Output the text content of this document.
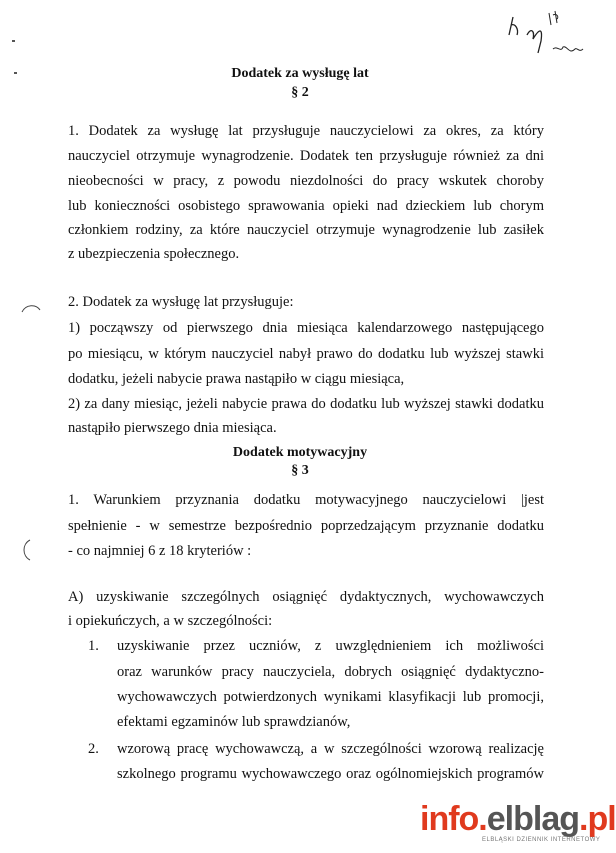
Dodatek za wysługę lat
§ 2
1. Dodatek za wysługę lat przysługuje nauczycielowi za okres, za który
nauczyciel otrzymuje wynagrodzenie. Dodatek ten przysługuje również za dni
nieobecności w pracy, z powodu niezdolności do pracy wskutek choroby
lub konieczności osobistego sprawowania opieki nad dzieckiem lub chorym
członkiem rodziny, za które nauczyciel otrzymuje wynagrodzenie lub zasiłek
z ubezpieczenia społecznego.
2. Dodatek za wysługę lat przysługuje:
1) począwszy od pierwszego dnia miesiąca kalendarzowego następującego
po miesiącu, w którym nauczyciel nabył prawo do dodatku lub wyższej stawki
dodatku, jeżeli nabycie prawa nastąpiło w ciągu miesiąca,
2) za dany miesiąc, jeżeli nabycie prawa do dodatku lub wyższej stawki dodatku
nastąpiło pierwszego dnia miesiąca.
Dodatek motywacyjny
§ 3
1. Warunkiem przyznania dodatku motywacyjnego nauczycielowi |jest
spełnienie - w semestrze bezpośrednio poprzedzającym przyznanie dodatku
- co najmniej 6 z 18 kryteriów :
A) uzyskiwanie szczególnych osiągnięć dydaktycznych, wychowawczych
i opiekuńczych, a w szczególności:
1. uzyskiwanie przez uczniów, z uwzględnieniem ich możliwości
oraz warunków pracy nauczyciela, dobrych osiągnięć dydaktyczno-
wychowawczych potwierdzonych wynikami klasyfikacji lub promocji,
efektami egzaminów lub sprawdzianów,
2. wzorową pracę wychowawczą, a w szczególności wzorową realizację
szkolnego programu wychowawczego oraz ogólnomiejskich programów
info.elblag.pl
ELBLĄSKI DZIENNIK INTERNETOWY
